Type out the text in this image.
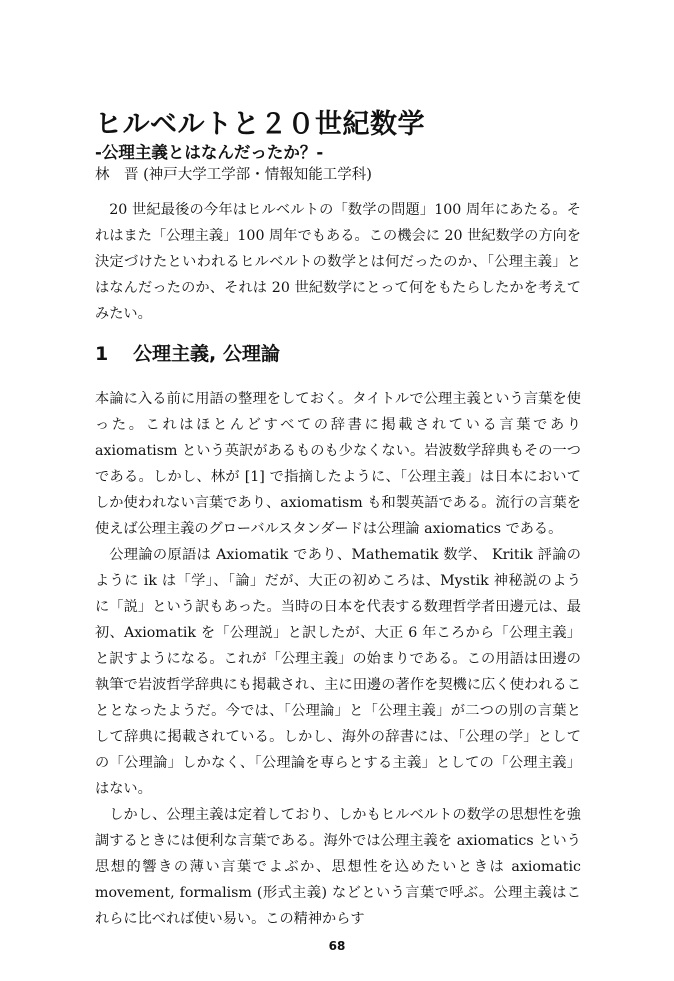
ヒルベルトと２０世紀数学
-公理主義とはなんだったか？-
林　晋 (神戸大学工学部・情報知能工学科)

20 世紀最後の今年はヒルベルトの「数学の問題」100 周年にあたる。それはまた「公理主義」100 周年でもある。この機会に 20 世紀数学の方向を決定づけたといわれるヒルベルトの数学とは何だったのか、「公理主義」とはなんだったのか、それは 20 世紀数学にとって何をもたらしたかを考えてみたい。

1 公理主義, 公理論

本論に入る前に用語の整理をしておく。タイトルで公理主義という言葉を使った。これはほとんどすべての辞書に掲載されている言葉であり axiomatism という英訳があるものも少なくない。岩波数学辞典もその一つである。しかし、林が [1] で指摘したように、「公理主義」は日本においてしか使われない言葉であり、axiomatism も和製英語である。流行の言葉を使えば公理主義のグローバルスタンダードは公理論 axiomatics である。

公理論の原語は Axiomatik であり、Mathematik 数学、 Kritik 評論のように ik は「学」、「論」だが、大正の初めころは、Mystik 神秘説のように「説」という訳もあった。当時の日本を代表する数理哲学者田邊元は、最初、Axiomatik を「公理説」と訳したが、大正 6 年ころから「公理主義」と訳すようになる。これが「公理主義」の始まりである。この用語は田邊の執筆で岩波哲学辞典にも掲載され、主に田邊の著作を契機に広く使われることとなったようだ。今では、「公理論」と「公理主義」が二つの別の言葉として辞典に掲載されている。しかし、海外の辞書には、「公理の学」としての「公理論」しかなく、「公理論を専らとする主義」としての「公理主義」はない。

しかし、公理主義は定着しており、しかもヒルベルトの数学の思想性を強調するときには便利な言葉である。海外では公理主義を axiomatics という思想的響きの薄い言葉でよぶか、思想性を込めたいときは axiomatic movement, formalism (形式主義) などという言葉で呼ぶ。公理主義はこれらに比べれば使い易い。この精神からす

68
